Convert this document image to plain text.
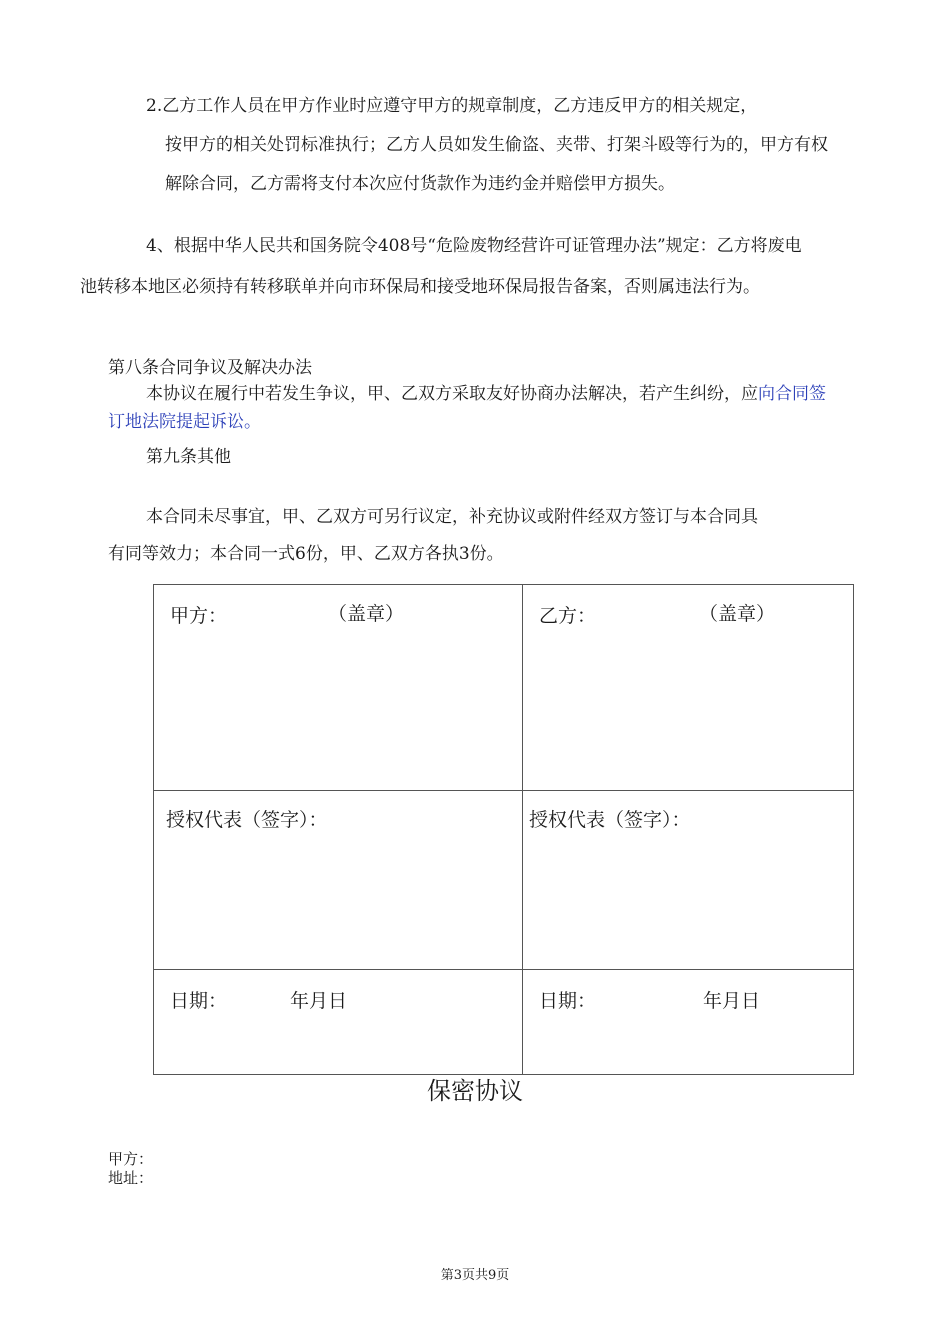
2.乙方工作人员在甲方作业时应遵守甲方的规章制度，乙方违反甲方的相关规定，
按甲方的相关处罚标准执行；乙方人员如发生偷盗、夹带、打架斗殴等行为的，甲方有权
解除合同，乙方需将支付本次应付货款作为违约金并赔偿甲方损失。
4、根据中华人民共和国务院令408号“危险废物经营许可证管理办法”规定：乙方将废电
池转移本地区必须持有转移联单并向市环保局和接受地环保局报告备案，否则属违法行为。
第八条合同争议及解决办法
本协议在履行中若发生争议，甲、乙双方采取友好协商办法解决，若产生纠纷，应向合同签
订地法院提起诉讼。
第九条其他
本合同未尽事宜，甲、乙双方可另行议定，补充协议或附件经双方签订与本合同具
有同等效力；本合同一式6份，甲、乙双方各执3份。
甲方： （盖章）	乙方： （盖章）

授权代表（签字）：	授权代表（签字）：

日期： 年月日	日期： 年月日
保密协议
甲方：
地址：
第3页共9页
